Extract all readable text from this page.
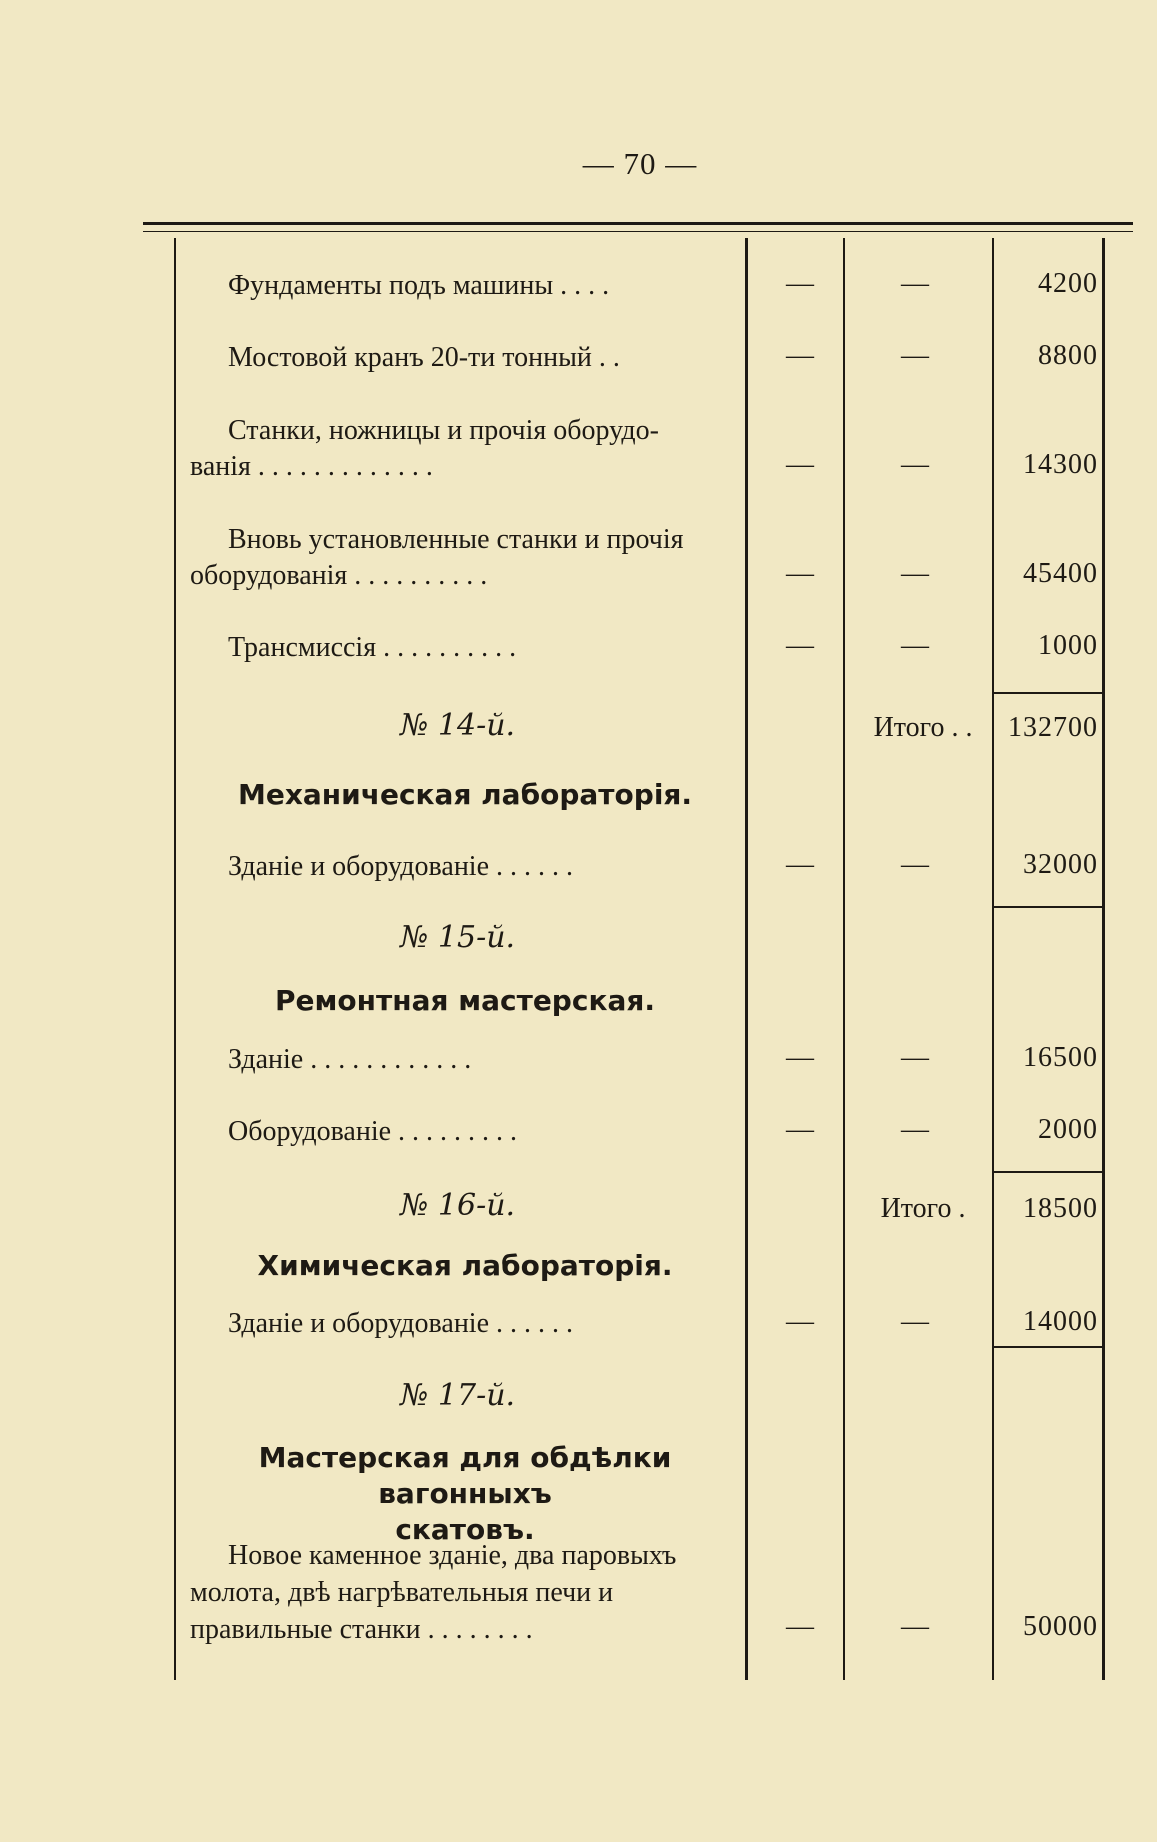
— 70 —
Фундаменты подъ машины . . . .	—	—	4200
Мостовой кранъ 20-ти тонный . .	—	—	8800
Станки, ножницы и прочія оборудо-
ванія . . . . . . . . . . . . .	—	—	14300
Вновь установленные станки и прочія
оборудованія . . . . . . . . . .	—	—	45400
Трансмиссія . . . . . . . . . .	—	—	1000
№ 14-й.	Итого . .	132700
Механическая лабораторія.
Зданіе и оборудованіе . . . . . .	—	—	32000
№ 15-й.
Ремонтная мастерская.
Зданіе . . . . . . . . . . . .	—	—	16500
Оборудованіе . . . . . . . . .	—	—	2000
№ 16-й.	Итого .	18500
Химическая лабораторія.
Зданіе и оборудованіе . . . . . .	—	—	14000
№ 17-й.
Мастерская для обдѣлки вагонныхъ
скатовъ.
Новое каменное зданіе, два паровыхъ
молота, двѣ нагрѣвательныя печи и
правильные станки . . . . . . . .	—	—	50000
